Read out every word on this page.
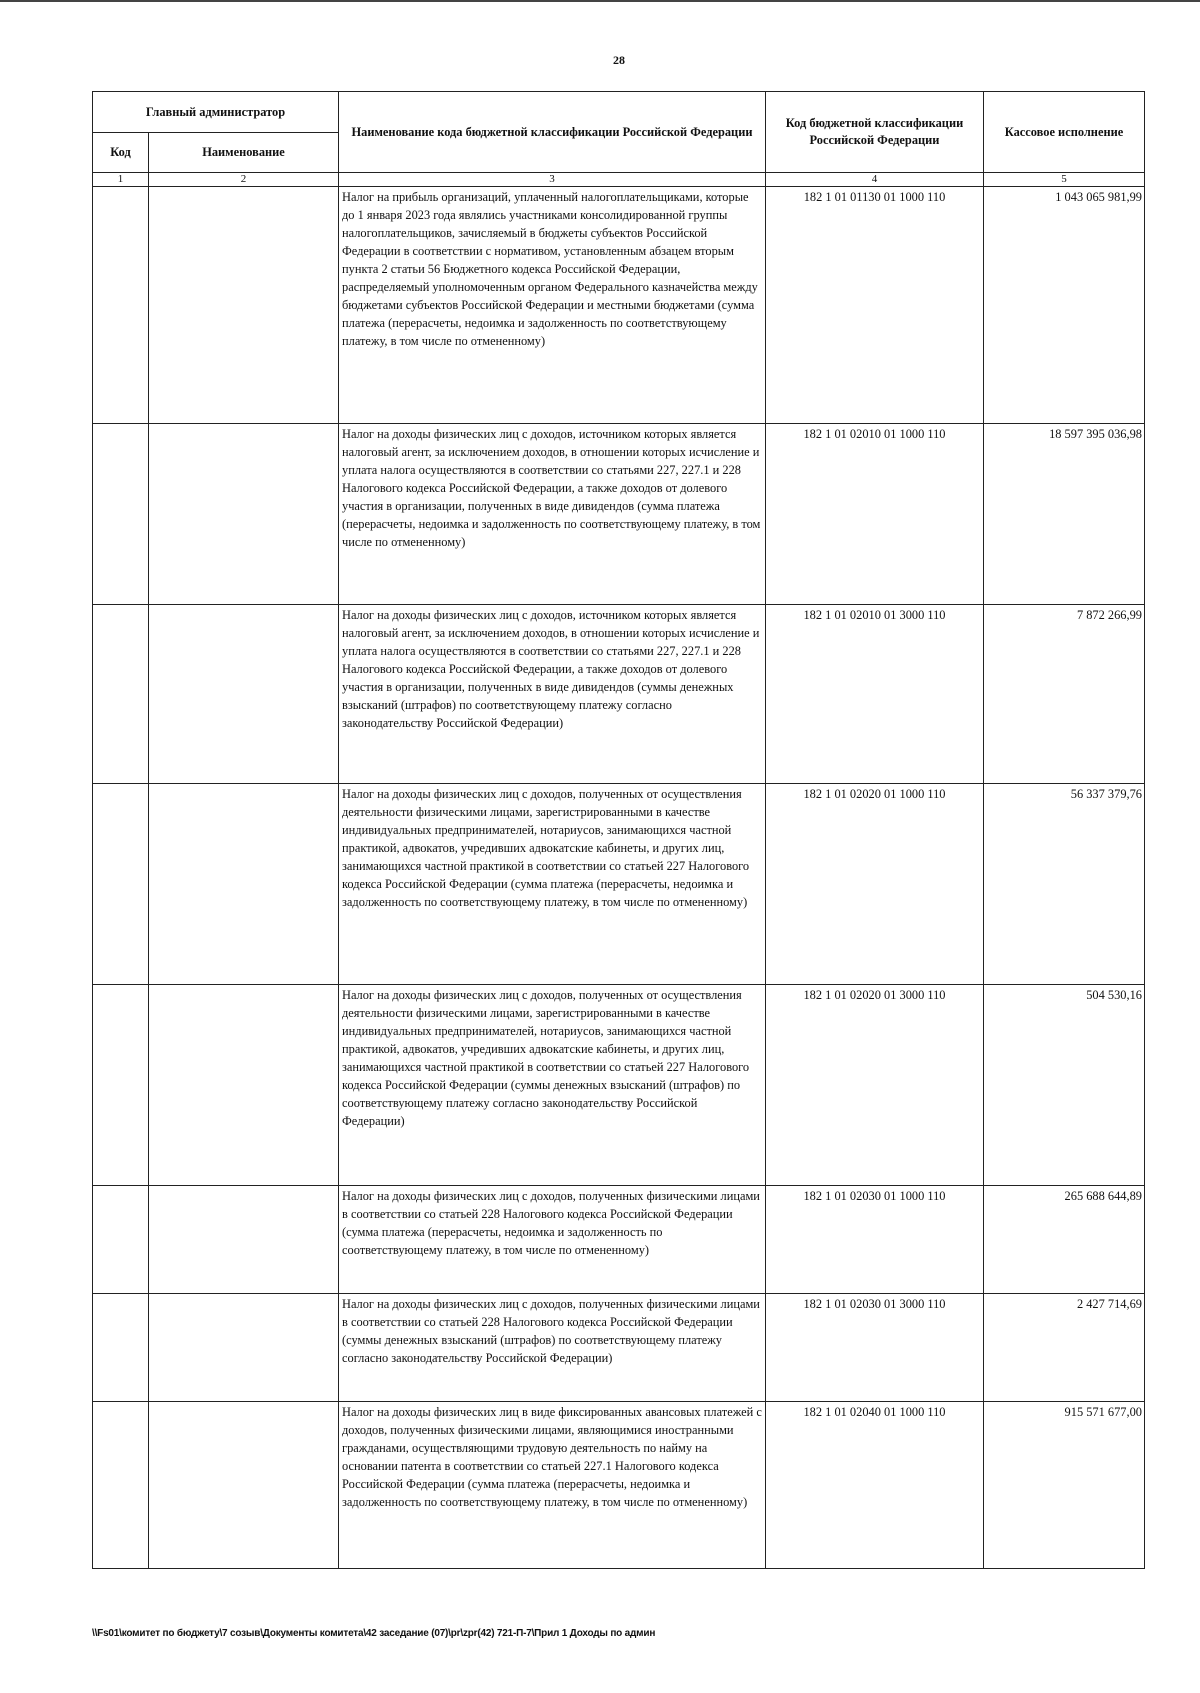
28
Главный администратор		Наименование кода бюджетной классификации Российской Федерации	Код бюджетной классификации Российской Федерации	Кассовое исполнение
Код	Наименование			
1	2	3	4	5
		Налог на прибыль организаций, уплаченный налогоплательщиками, которые до 1 января 2023 года являлись участниками консолидированной группы налогоплательщиков, зачисляемый в бюджеты субъектов Российской Федерации в соответствии с нормативом, установленным абзацем вторым пункта 2 статьи 56 Бюджетного кодекса Российской Федерации, распределяемый уполномоченным органом Федерального казначейства между бюджетами субъектов Российской Федерации и местными бюджетами (сумма платежа (перерасчеты, недоимка и задолженность по соответствующему платежу, в том числе по отмененному)	182 1 01 01130 01 1000 110	1 043 065 981,99
		Налог на доходы физических лиц с доходов, источником которых является налоговый агент, за исключением доходов, в отношении которых исчисление и уплата налога осуществляются в соответствии со статьями 227, 227.1 и 228 Налогового кодекса Российской Федерации, а также доходов от долевого участия в организации, полученных в виде дивидендов (сумма платежа (перерасчеты, недоимка и задолженность по соответствующему платежу, в том числе по отмененному)	182 1 01 02010 01 1000 110	18 597 395 036,98
		Налог на доходы физических лиц с доходов, источником которых является налоговый агент, за исключением доходов, в отношении которых исчисление и уплата налога осуществляются в соответствии со статьями 227, 227.1 и 228 Налогового кодекса Российской Федерации, а также доходов от долевого участия в организации, полученных в виде дивидендов (суммы денежных взысканий (штрафов) по соответствующему платежу согласно законодательству Российской Федерации)	182 1 01 02010 01 3000 110	7 872 266,99
		Налог на доходы физических лиц с доходов, полученных от осуществления деятельности физическими лицами, зарегистрированными в качестве индивидуальных предпринимателей, нотариусов, занимающихся частной практикой, адвокатов, учредивших адвокатские кабинеты, и других лиц, занимающихся частной практикой в соответствии со статьей 227 Налогового кодекса Российской Федерации (сумма платежа (перерасчеты, недоимка и задолженность по соответствующему платежу, в том числе по отмененному)	182 1 01 02020 01 1000 110	56 337 379,76
		Налог на доходы физических лиц с доходов, полученных от осуществления деятельности физическими лицами, зарегистрированными в качестве индивидуальных предпринимателей, нотариусов, занимающихся частной практикой, адвокатов, учредивших адвокатские кабинеты, и других лиц, занимающихся частной практикой в соответствии со статьей 227 Налогового кодекса Российской Федерации (суммы денежных взысканий (штрафов) по соответствующему платежу согласно законодательству Российской Федерации)	182 1 01 02020 01 3000 110	504 530,16
		Налог на доходы физических лиц с доходов, полученных физическими лицами в соответствии со статьей 228 Налогового кодекса Российской Федерации (сумма платежа (перерасчеты, недоимка и задолженность по соответствующему платежу, в том числе по отмененному)	182 1 01 02030 01 1000 110	265 688 644,89
		Налог на доходы физических лиц с доходов, полученных физическими лицами в соответствии со статьей 228 Налогового кодекса Российской Федерации (суммы денежных взысканий (штрафов) по соответствующему платежу согласно законодательству Российской Федерации)	182 1 01 02030 01 3000 110	2 427 714,69
		Налог на доходы физических лиц в виде фиксированных авансовых платежей с доходов, полученных физическими лицами, являющимися иностранными гражданами, осуществляющими трудовую деятельность по найму на основании патента в соответствии со статьей 227.1 Налогового кодекса Российской Федерации (сумма платежа (перерасчеты, недоимка и задолженность по соответствующему платежу, в том числе по отмененному)	182 1 01 02040 01 1000 110	915 571 677,00
\\Fs01\комитет по бюджету\7 созыв\Документы комитета\42 заседание (07)\pr\zpr(42) 721-П-7\Прил 1 Доходы по админ
